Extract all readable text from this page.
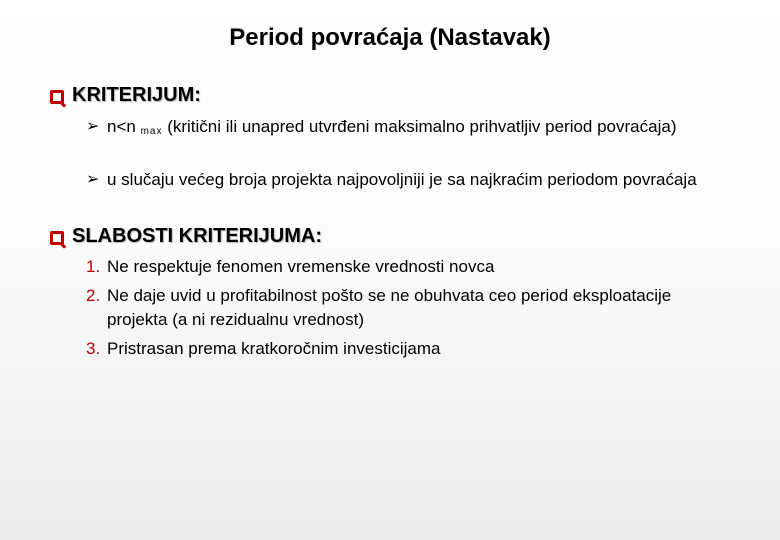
Period povraćaja (Nastavak)
KRITERIJUM:
➢ n<n $_{max}$ (kritični ili unapred utvrđeni maksimalno prihvatljiv period povraćaja)
➢ u slučaju većeg broja projekta najpovoljniji je sa najkraćim periodom povraćaja
SLABOSTI KRITERIJUMA:
1. Ne respektuje fenomen vremenske vrednosti novca
2. Ne daje uvid u profitabilnost pošto se ne obuhvata ceo period eksploatacije projekta (a ni rezidualnu vrednost)
3. Pristrasan prema kratkoročnim investicijama
